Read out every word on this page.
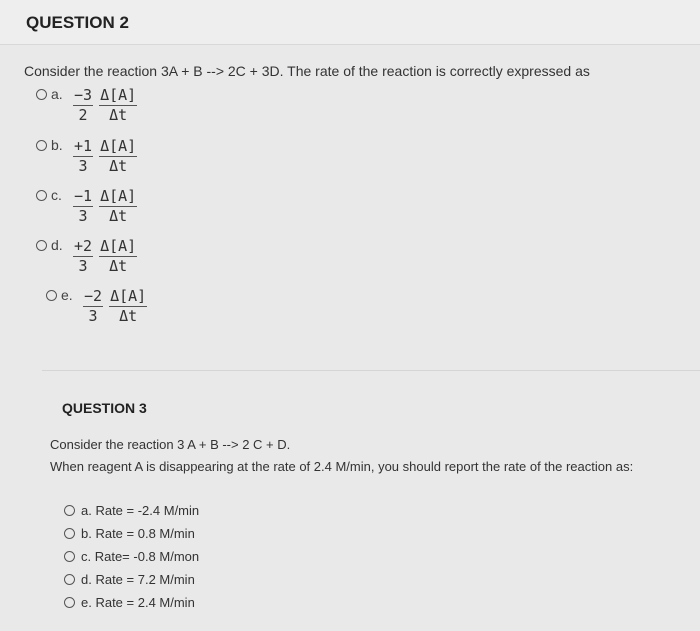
QUESTION 2
Consider the reaction 3A + B --> 2C + 3D. The rate of the reaction is correctly expressed as
a. $\frac{-3}{2} \frac{\Delta[A]}{\Delta t}$
b. $\frac{+1}{3} \frac{\Delta[A]}{\Delta t}$
c. $\frac{-1}{3} \frac{\Delta[A]}{\Delta t}$
d. $\frac{+2}{3} \frac{\Delta[A]}{\Delta t}$
e. $\frac{-2}{3} \frac{\Delta[A]}{\Delta t}$
QUESTION 3
Consider the reaction 3 A + B --> 2 C + D.
When reagent A is disappearing at the rate of 2.4 M/min, you should report the rate of the reaction as:
a. Rate = -2.4 M/min
b. Rate = 0.8 M/min
c. Rate= -0.8 M/mon
d. Rate = 7.2 M/min
e. Rate = 2.4 M/min
